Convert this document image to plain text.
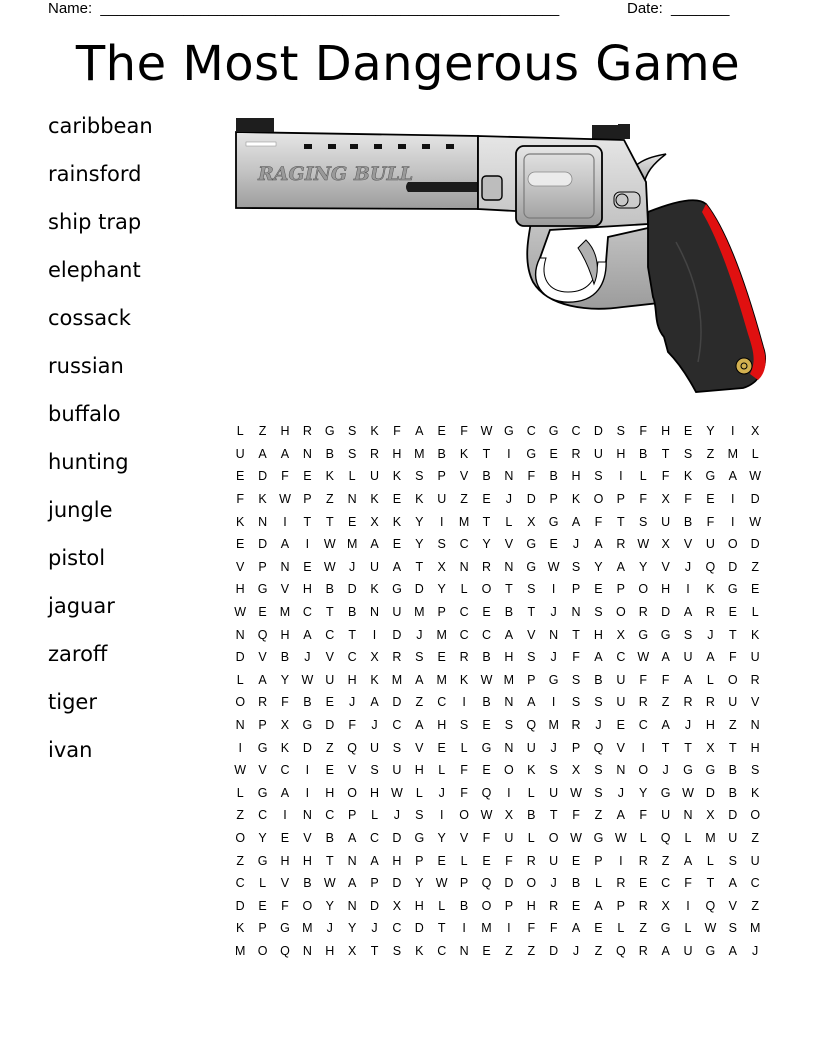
Name: _______________________________________________________	Date: _______
The Most Dangerous Game
caribbean
rainsford
ship trap
elephant
cossack
russian
buffalo
hunting
jungle
pistol
jaguar
zaroff
tiger
ivan
RAGING BULL
L	Z	H	R	G	S	K	F	A	E	F	W	G	C	G	C	D	S	F	H	E	Y	I	X
U	A	A	N	B	S	R	H	M	B	K	T	I	G	E	R	U	H	B	T	S	Z	M	L
E	D	F	E	K	L	U	K	S	P	V	B	N	F	B	H	S	I	L	F	K	G	A	W
F	K	W	P	Z	N	K	E	K	U	Z	E	J	D	P	K	O	P	F	X	F	E	I	D
K	N	I	T	T	E	X	K	Y	I	M	T	L	X	G	A	F	T	S	U	B	F	I	W
E	D	A	I	W	M	A	E	Y	S	C	Y	V	G	E	J	A	R	W	X	V	U	O	D
V	P	N	E	W	J	U	A	T	X	N	R	N	G	W	S	Y	A	Y	V	J	Q	D	Z
H	G	V	H	B	D	K	G	D	Y	L	O	T	S	I	P	E	P	O	H	I	K	G	E
W	E	M	C	T	B	N	U	M	P	C	E	B	T	J	N	S	O	R	D	A	R	E	L
N	Q	H	A	C	T	I	D	J	M	C	C	A	V	N	T	H	X	G	G	S	J	T	K
D	V	B	J	V	C	X	R	S	E	R	B	H	S	J	F	A	C	W	A	U	A	F	U
L	A	Y	W	U	H	K	M	A	M	K	W	M	P	G	S	B	U	F	F	A	L	O	R
O	R	F	B	E	J	A	D	Z	C	I	B	N	A	I	S	S	U	R	Z	R	R	U	V
N	P	X	G	D	F	J	C	A	H	S	E	S	Q	M	R	J	E	C	A	J	H	Z	N
I	G	K	D	Z	Q	U	S	V	E	L	G	N	U	J	P	Q	V	I	T	T	X	T	H
W	V	C	I	E	V	S	U	H	L	F	E	O	K	S	X	S	N	O	J	G	G	B	S
L	G	A	I	H	O	H	W	L	J	F	Q	I	L	U	W	S	J	Y	G	W	D	B	K
Z	C	I	N	C	P	L	J	S	I	O	W	X	B	T	F	Z	A	F	U	N	X	D	O
O	Y	E	V	B	A	C	D	G	Y	V	F	U	L	O	W	G	W	L	Q	L	M	U	Z
Z	G	H	H	T	N	A	H	P	E	L	E	F	R	U	E	P	I	R	Z	A	L	S	U
C	L	V	B	W	A	P	D	Y	W	P	Q	D	O	J	B	L	R	E	C	F	T	A	C
D	E	F	O	Y	N	D	X	H	L	B	O	P	H	R	E	A	P	R	X	I	Q	V	Z
K	P	G	M	J	Y	J	C	D	T	I	M	I	F	F	A	E	L	Z	G	L	W	S	M
M	O	Q	N	H	X	T	S	K	C	N	E	Z	Z	D	J	Z	Q	R	A	U	G	A	J
